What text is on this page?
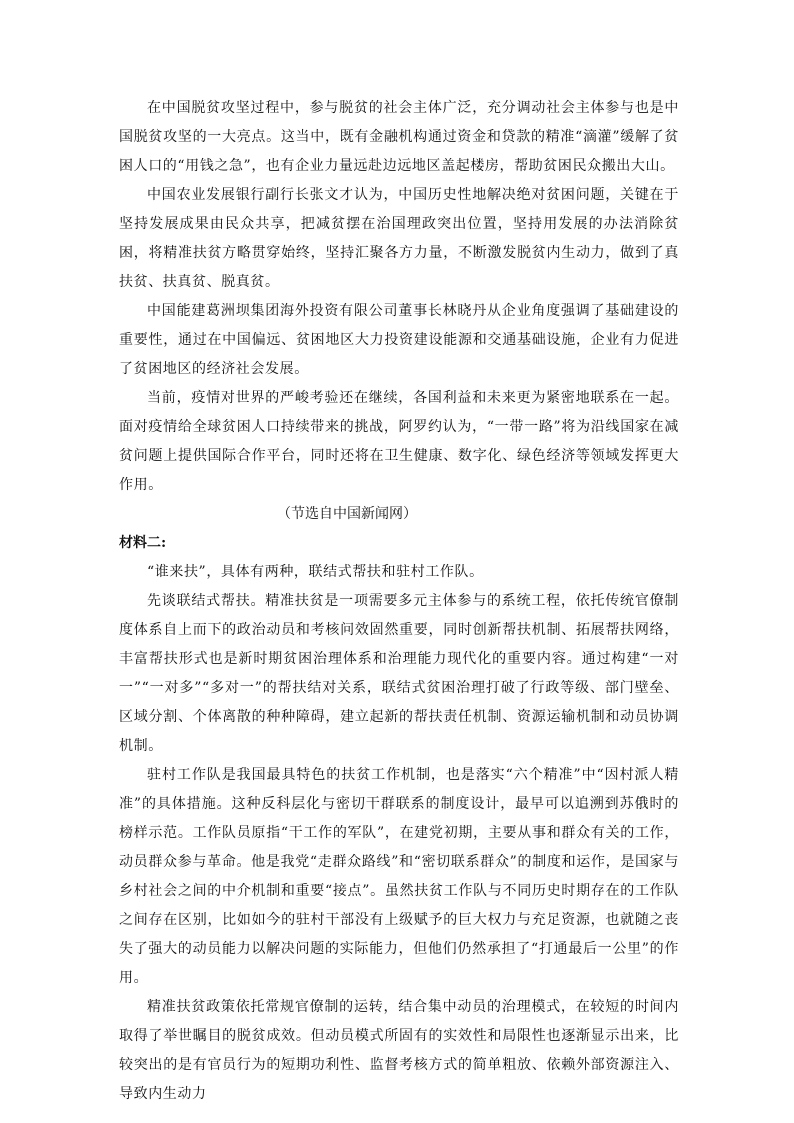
在中国脱贫攻坚过程中，参与脱贫的社会主体广泛，充分调动社会主体参与也是中国脱贫攻坚的一大亮点。这当中，既有金融机构通过资金和贷款的精准“滴灌”缓解了贫困人口的“用钱之急”，也有企业力量远赴边远地区盖起楼房，帮助贫困民众搬出大山。

中国农业发展银行副行长张文才认为，中国历史性地解决绝对贫困问题，关键在于坚持发展成果由民众共享，把减贫摆在治国理政突出位置，坚持用发展的办法消除贫困，将精准扶贫方略贯穿始终，坚持汇聚各方力量，不断激发脱贫内生动力，做到了真扶贫、扶真贫、脱真贫。

中国能建葛洲坝集团海外投资有限公司董事长林晓丹从企业角度强调了基础建设的重要性，通过在中国偏远、贫困地区大力投资建设能源和交通基础设施，企业有力促进了贫困地区的经济社会发展。

当前，疫情对世界的严峻考验还在继续，各国利益和未来更为紧密地联系在一起。面对疫情给全球贫困人口持续带来的挑战，阿罗约认为，“一带一路”将为沿线国家在减贫问题上提供国际合作平台，同时还将在卫生健康、数字化、绿色经济等领域发挥更大作用。

（节选自中国新闻网）

材料二:

“谁来扶”，具体有两种，联结式帮扶和驻村工作队。

先谈联结式帮扶。精准扶贫是一项需要多元主体参与的系统工程，依托传统官僚制度体系自上而下的政治动员和考核问效固然重要，同时创新帮扶机制、拓展帮扶网络，丰富帮扶形式也是新时期贫困治理体系和治理能力现代化的重要内容。通过构建“一对一”“一对多”“多对一”的帮扶结对关系，联结式贫困治理打破了行政等级、部门壁垒、区域分割、个体离散的种种障碍，建立起新的帮扶责任机制、资源运输机制和动员协调机制。

驻村工作队是我国最具特色的扶贫工作机制，也是落实“六个精准”中“因村派人精准”的具体措施。这种反科层化与密切干群联系的制度设计，最早可以追溯到苏俄时的榜样示范。工作队员原指“干工作的军队”，在建党初期，主要从事和群众有关的工作，动员群众参与革命。他是我党“走群众路线”和“密切联系群众”的制度和运作，是国家与乡村社会之间的中介机制和重要“接点”。虽然扶贫工作队与不同历史时期存在的工作队之间存在区别，比如如今的驻村干部没有上级赋予的巨大权力与充足资源，也就随之丧失了强大的动员能力以解决问题的实际能力，但他们仍然承担了“打通最后一公里”的作用。

精准扶贫政策依托常规官僚制的运转，结合集中动员的治理模式，在较短的时间内取得了举世瞩目的脱贫成效。但动员模式所固有的实效性和局限性也逐渐显示出来，比较突出的是有官员行为的短期功利性、监督考核方式的简单粗放、依赖外部资源注入、导致内生动力
